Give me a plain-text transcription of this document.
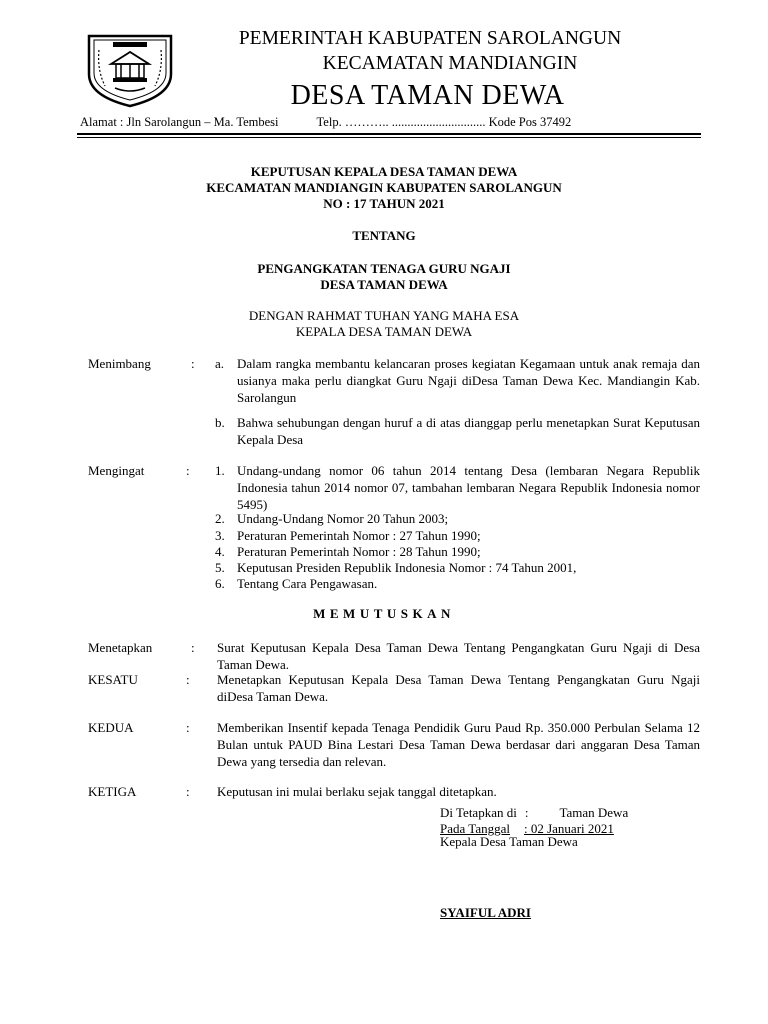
PEMERINTAH KABUPATEN SAROLANGUN
KECAMATAN MANDIANGIN
DESA TAMAN DEWA
Alamat : Jln Sarolangun – Ma. Tembesi	Telp. ……….. .............................. Kode Pos 37492
KEPUTUSAN KEPALA DESA TAMAN DEWA
KECAMATAN MANDIANGIN KABUPATEN SAROLANGUN
NO : 17 TAHUN 2021
TENTANG
PENGANGKATAN TENAGA GURU NGAJI
DESA TAMAN DEWA
DENGAN RAHMAT TUHAN YANG MAHA ESA
KEPALA DESA TAMAN DEWA
Menimbang	: a. Dalam rangka membantu kelancaran proses kegiatan Kegamaan untuk anak remaja dan usianya maka perlu diangkat Guru Ngaji diDesa Taman Dewa Kec. Mandiangin Kab. Sarolangun
b. Bahwa sehubungan dengan huruf a di atas dianggap perlu menetapkan Surat Keputusan Kepala Desa
Mengingat	: 1. Undang-undang nomor 06 tahun 2014 tentang Desa (lembaran Negara Republik Indonesia tahun 2014 nomor 07, tambahan lembaran Negara Republik Indonesia nomor 5495)
2. Undang-Undang Nomor 20 Tahun 2003;
3. Peraturan Pemerintah Nomor : 27 Tahun 1990;
4. Peraturan Pemerintah Nomor : 28 Tahun 1990;
5. Keputusan Presiden Republik Indonesia Nomor : 74 Tahun 2001,
6. Tentang Cara Pengawasan.
MEMUTUSKAN
Menetapkan	: Surat Keputusan Kepala Desa Taman Dewa Tentang Pengangkatan Guru Ngaji di Desa Taman Dewa.
KESATU	: Menetapkan Keputusan Kepala Desa Taman Dewa Tentang Pengangkatan Guru Ngaji diDesa Taman Dewa.
KEDUA	: Memberikan Insentif kepada Tenaga Pendidik Guru Paud Rp. 350.000 Perbulan Selama 12 Bulan untuk PAUD Bina Lestari Desa Taman Dewa berdasar dari anggaran Desa Taman Dewa yang tersedia dan relevan.
KETIGA	: Keputusan ini mulai berlaku sejak tanggal ditetapkan.
Di Tetapkan di : Taman Dewa
Pada Tanggal : 02 Januari 2021
Kepala Desa Taman Dewa
SYAIFUL ADRI
